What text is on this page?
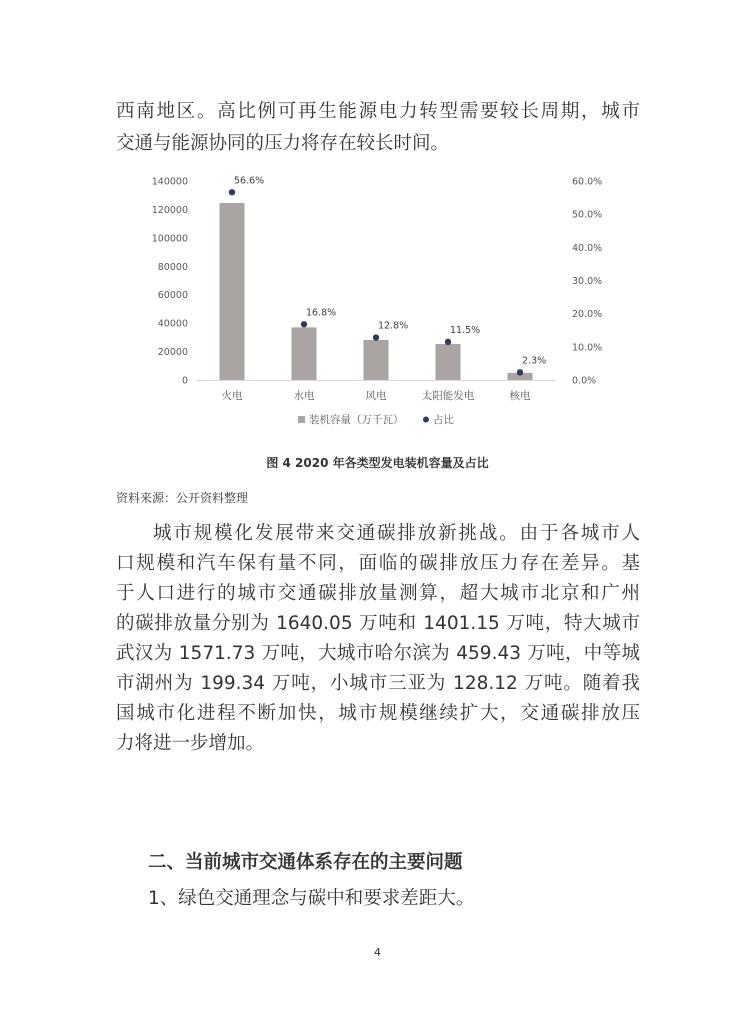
西南地区。高比例可再生能源电力转型需要较长周期，城市
交通与能源协同的压力将存在较长时间。
140000
120000
100000
80000
60000
40000
20000
0
60.0%
50.0%
40.0%
30.0%
20.0%
10.0%
0.0%
火电
56.6%
水电
16.8%
风电
12.8%
太阳能发电
11.5%
核电
2.3%
装机容量（万千瓦）	占比
图 4 2020 年各类型发电装机容量及占比
资料来源：公开资料整理
城市规模化发展带来交通碳排放新挑战。由于各城市人
口规模和汽车保有量不同，面临的碳排放压力存在差异。基
于人口进行的城市交通碳排放量测算，超大城市北京和广州
的碳排放量分别为 1640.05 万吨和 1401.15 万吨，特大城市
武汉为 1571.73 万吨，大城市哈尔滨为 459.43 万吨，中等城
市湖州为 199.34 万吨，小城市三亚为 128.12 万吨。随着我
国城市化进程不断加快，城市规模继续扩大，交通碳排放压
力将进一步增加。
二、当前城市交通体系存在的主要问题
1、绿色交通理念与碳中和要求差距大。
4
